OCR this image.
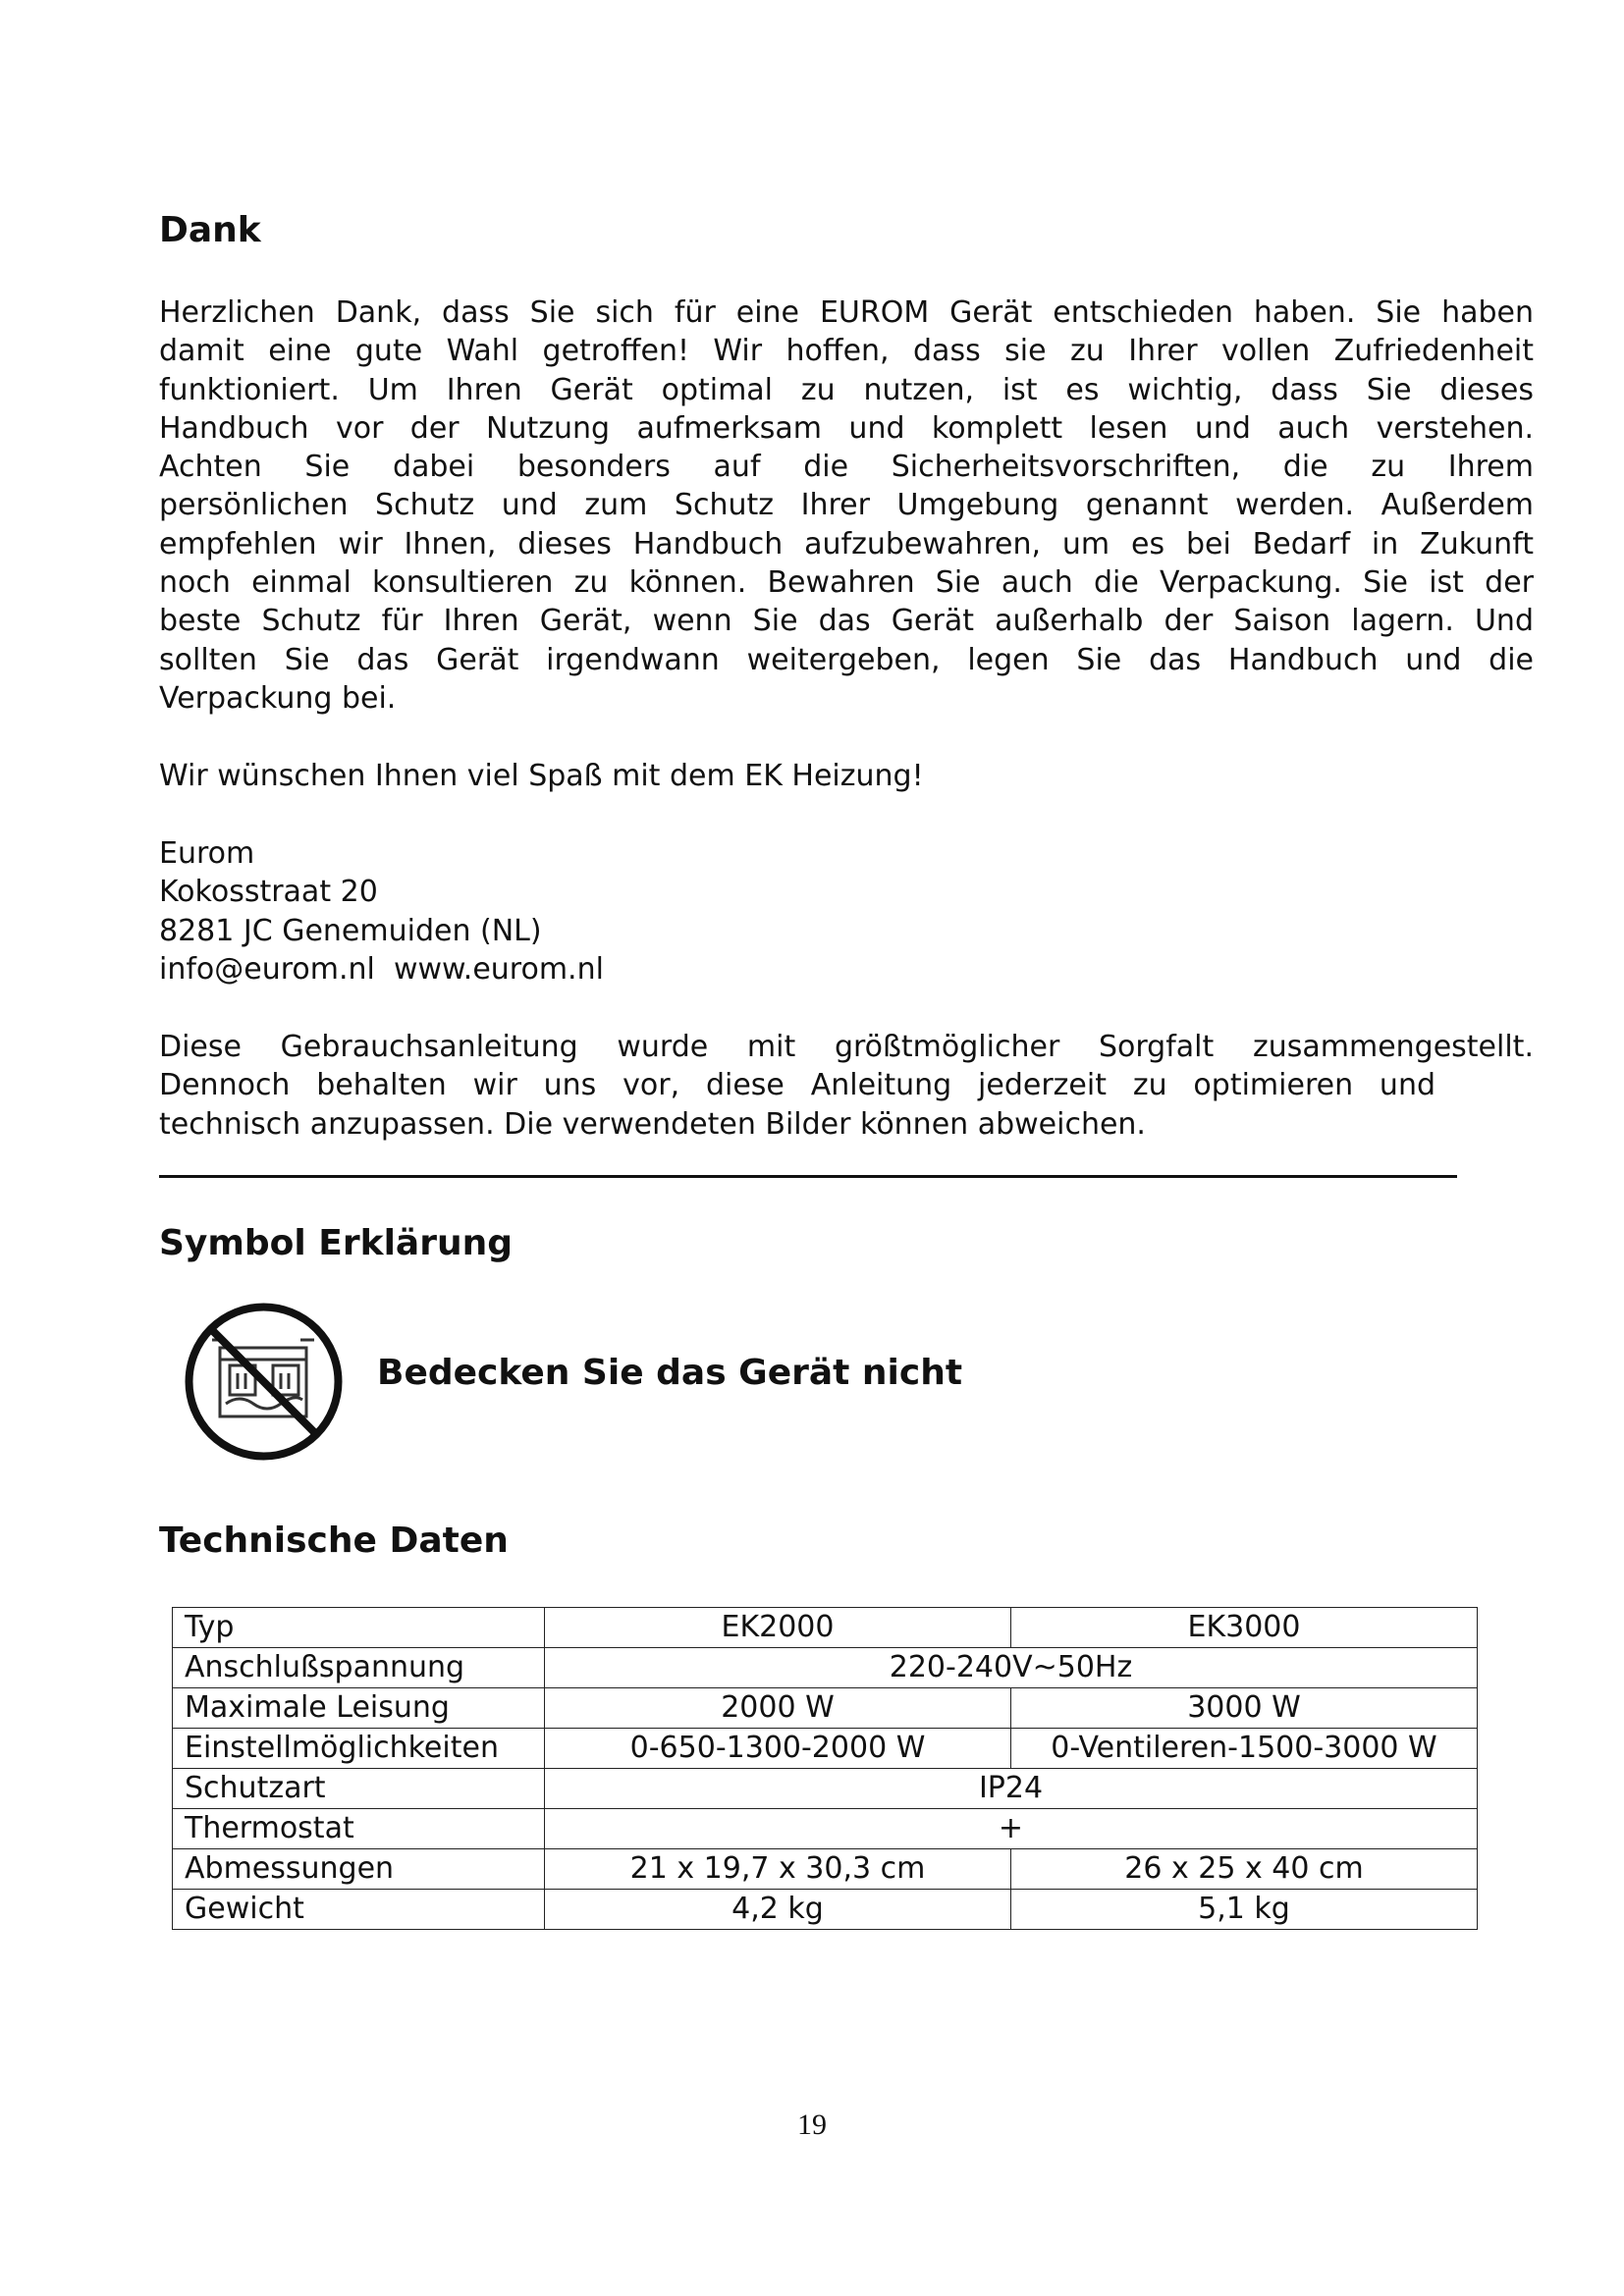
Dank

Herzlichen Dank, dass Sie sich für eine EUROM Gerät entschieden haben. Sie haben
damit eine gute Wahl getroffen! Wir hoffen, dass sie zu Ihrer vollen Zufriedenheit
funktioniert. Um Ihren Gerät optimal zu nutzen, ist es wichtig, dass Sie dieses
Handbuch vor der Nutzung aufmerksam und komplett lesen und auch verstehen.
Achten Sie dabei besonders auf die Sicherheitsvorschriften, die zu Ihrem
persönlichen Schutz und zum Schutz Ihrer Umgebung genannt werden. Außerdem
empfehlen wir Ihnen, dieses Handbuch aufzubewahren, um es bei Bedarf in Zukunft
noch einmal konsultieren zu können. Bewahren Sie auch die Verpackung. Sie ist der
beste Schutz für Ihren Gerät, wenn Sie das Gerät außerhalb der Saison lagern. Und
sollten Sie das Gerät irgendwann weitergeben, legen Sie das Handbuch und die
Verpackung bei.

Wir wünschen Ihnen viel Spaß mit dem EK Heizung!

Eurom
Kokosstraat 20
8281 JC Genemuiden (NL)
info@eurom.nl  www.eurom.nl

Diese Gebrauchsanleitung wurde mit größtmöglicher Sorgfalt zusammengestellt.
Dennoch behalten wir uns vor, diese Anleitung jederzeit zu optimieren und
technisch anzupassen. Die verwendeten Bilder können abweichen.

Symbol Erklärung
Bedecken Sie das Gerät nicht
Technische Daten
Typ	EK2000	EK3000
Anschlußspannung	220-240V~50Hz	
Maximale Leisung	2000 W	3000 W
Einstellmöglichkeiten	0-650-1300-2000 W	0-Ventileren-1500-3000 W
Schutzart	IP24	
Thermostat	+	
Abmessungen	21 x 19,7 x 30,3 cm	26 x 25 x 40 cm
Gewicht	4,2 kg	5,1 kg
19
